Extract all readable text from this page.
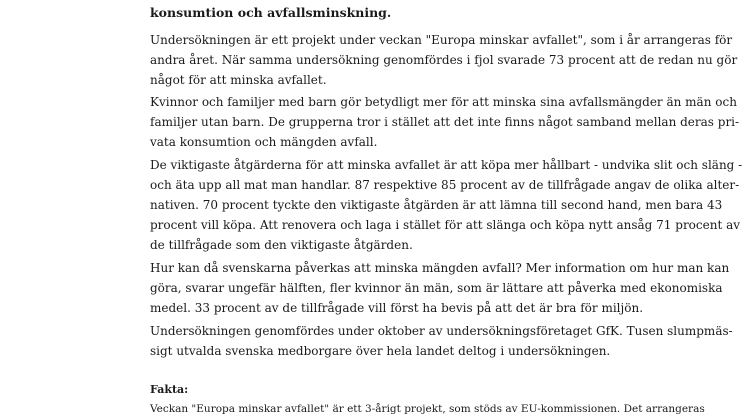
konsumtion och avfallsminskning.

Undersökningen är ett projekt under veckan "Europa minskar avfallet", som i år arrangeras för
andra året. När samma undersökning genomfördes i fjol svarade 73 procent att de redan nu gör
något för att minska avfallet.
Kvinnor och familjer med barn gör betydligt mer för att minska sina avfallsmängder än män och
familjer utan barn. De grupperna tror i stället att det inte finns något samband mellan deras pri-
vata konsumtion och mängden avfall.
De viktigaste åtgärderna för att minska avfallet är att köpa mer hållbart - undvika slit och släng -
och äta upp all mat man handlar. 87 respektive 85 procent av de tillfrågade angav de olika alter-
nativen. 70 procent tyckte den viktigaste åtgärden är att lämna till second hand, men bara 43
procent vill köpa. Att renovera och laga i stället för att slänga och köpa nytt ansåg 71 procent av
de tillfrågade som den viktigaste åtgärden.
Hur kan då svenskarna påverkas att minska mängden avfall? Mer information om hur man kan
göra, svarar ungefär hälften, fler kvinnor än män, som är lättare att påverka med ekonomiska
medel. 33 procent av de tillfrågade vill först ha bevis på att det är bra för miljön.
Undersökningen genomfördes under oktober av undersökningsföretaget GfK. Tusen slumpmäs-
sigt utvalda svenska medborgare över hela landet deltog i undersökningen.

Fakta:

Veckan "Europa minskar avfallet" är ett 3-årigt projekt, som stöds av EU-kommissionen. Det arrangeras
